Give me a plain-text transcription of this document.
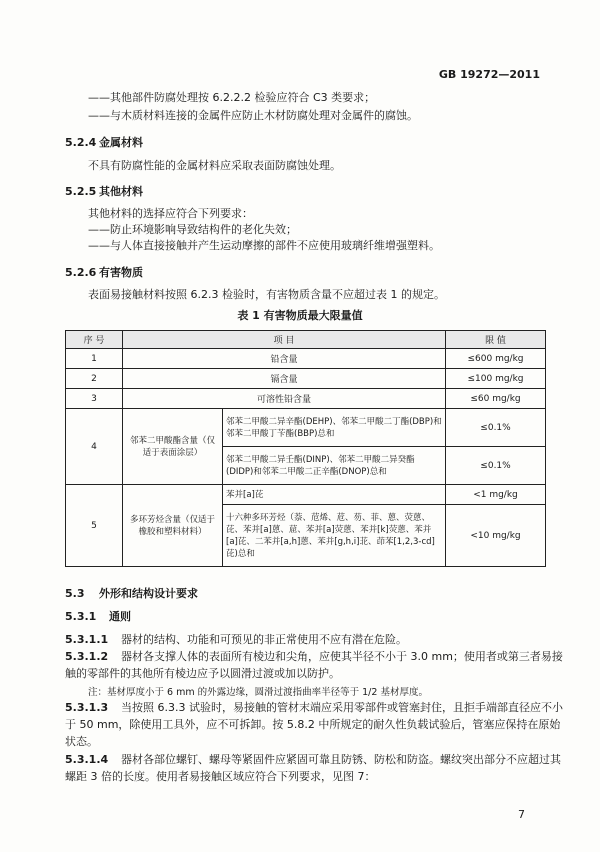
GB 19272—2011
——其他部件防腐处理按 6.2.2.2 检验应符合 C3 类要求；
——与木质材料连接的金属件应防止木材防腐处理对金属件的腐蚀。
5.2.4 金属材料
不具有防腐性能的金属材料应采取表面防腐蚀处理。
5.2.5 其他材料
其他材料的选择应符合下列要求：
——防止环境影响导致结构件的老化失效；
——与人体直接接触并产生运动摩擦的部件不应使用玻璃纤维增强塑料。
5.2.6 有害物质
表面易接触材料按照 6.2.3 检验时，有害物质含量不应超过表 1 的规定。
表 1 有害物质最大限量值
序 号	项 目		限 值
1	铅含量		≤600 mg/kg
2	镉含量		≤100 mg/kg
3	可溶性铅含量		≤60 mg/kg
4	邻苯二甲酸酯含量（仅适于表面涂层）	邻苯二甲酸二异辛酯(DEHP)、邻苯二甲酸二丁酯(DBP)和邻苯二甲酸丁苄酯(BBP)总和	≤0.1%
		邻苯二甲酸二异壬酯(DINP)、邻苯二甲酸二异癸酯(DIDP)和邻苯二甲酸二正辛酯(DNOP)总和	≤0.1%
5	多环芳烃含量（仅适于橡胶和塑料材料）	苯并[a]芘	<1 mg/kg
		十六种多环芳烃（萘、苊烯、苊、芴、菲、蒽、荧蒽、芘、苯并[a]蒽、䓛、苯并[a]荧蒽、苯并[k]荧蒽、苯并[a]芘、二苯并[a,h]蒽、苯并[g,h,i]苝、茚苯[1,2,3-cd]芘)总和	<10 mg/kg
5.3 外形和结构设计要求
5.3.1 通则
5.3.1.1 器材的结构、功能和可预见的非正常使用不应有潜在危险。
5.3.1.2 器材各支撑人体的表面所有棱边和尖角，应使其半径不小于 3.0 mm；使用者或第三者易接
触的零部件的其他所有棱边应予以圆滑过渡或加以防护。
注：基材厚度小于 6 mm 的外露边缘，圆滑过渡指曲率半径等于 1/2 基材厚度。
5.3.1.3 当按照 6.3.3 试验时，易接触的管材末端应采用零部件或管塞封住，且拒手端部直径应不小
于 50 mm，除使用工具外，应不可拆卸。按 5.8.2 中所规定的耐久性负载试验后，管塞应保持在原始
状态。
5.3.1.4 器材各部位螺钉、螺母等紧固件应紧固可靠且防锈、防松和防盗。螺纹突出部分不应超过其
螺距 3 倍的长度。使用者易接触区域应符合下列要求，见图 7：
7
